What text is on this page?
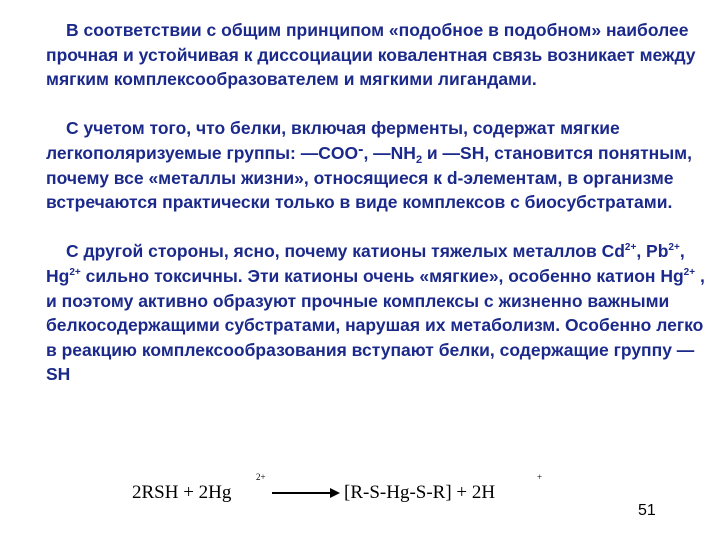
В соответствии с общим принципом «подобное в подобном» наиболее прочная и устойчивая к диссоциации ковалентная связь возникает между мягким комплексообразователем и мягкими лигандами.

С учетом того, что белки, включая ферменты, содержат мягкие легкополяризуемые группы: —COO-, $—NH_2$ и —SH, становится понятным, почему все «металлы жизни», относящиеся к d-элементам, в организме встречаются практически только в виде комплексов с биосубстратами.

С другой стороны, ясно, почему катионы тяжелых металлов $Cd^{2+}$, $Pb^{2+}$, $Hg^{2+}$ сильно токсичны. Эти катионы очень «мягкие», особенно катион $Hg^{2+}$ , и поэтому активно образуют прочные комплексы с жизненно важными белкосодержащими субстратами, нарушая их метаболизм. Особенно легко в реакцию комплексообразования вступают белки, содержащие группу —SH

2RSH + 2Hg
2+
→ [R-S-Hg-S-R] + 2H
+
51
